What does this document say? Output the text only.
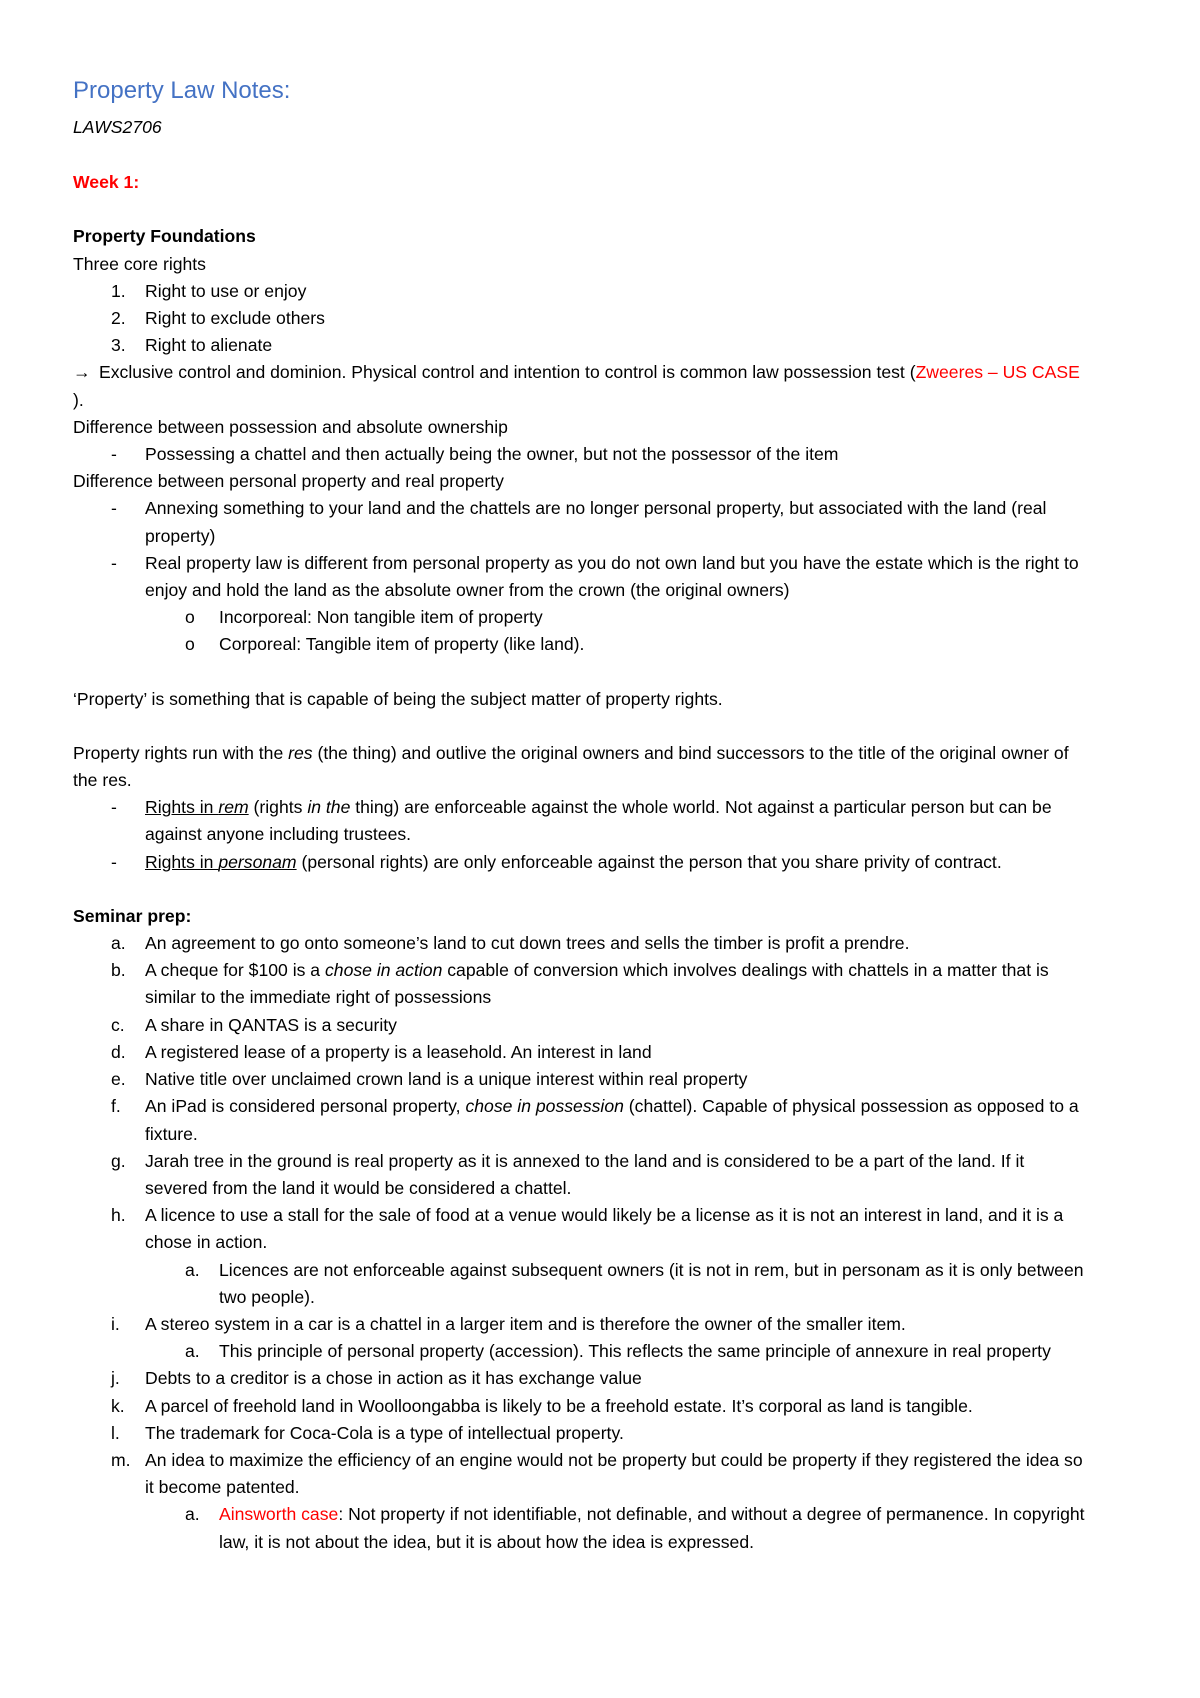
Property Law Notes:

LAWS2706

Week 1:

Property Foundations

Three core rights

1. Right to use or enjoy
2. Right to exclude others
3. Right to alienate

→ Exclusive control and dominion. Physical control and intention to control is common law possession test (Zweeres – US CASE ).

Difference between possession and absolute ownership

- Possessing a chattel and then actually being the owner, but not the possessor of the item

Difference between personal property and real property

- Annexing something to your land and the chattels are no longer personal property, but associated with the land (real property)
- Real property law is different from personal property as you do not own land but you have the estate which is the right to enjoy and hold the land as the absolute owner from the crown (the original owners)
o Incorporeal: Non tangible item of property
o Corporeal: Tangible item of property (like land).

‘Property’ is something that is capable of being the subject matter of property rights.

Property rights run with the res (the thing) and outlive the original owners and bind successors to the title of the original owner of the res.

- Rights in rem (rights in the thing) are enforceable against the whole world. Not against a particular person but can be against anyone including trustees.
- Rights in personam (personal rights) are only enforceable against the person that you share privity of contract.

Seminar prep:

a. An agreement to go onto someone’s land to cut down trees and sells the timber is profit a prendre.
b. A cheque for $100 is a chose in action capable of conversion which involves dealings with chattels in a matter that is similar to the immediate right of possessions
c. A share in QANTAS is a security
d. A registered lease of a property is a leasehold. An interest in land
e. Native title over unclaimed crown land is a unique interest within real property
f. An iPad is considered personal property, chose in possession (chattel). Capable of physical possession as opposed to a fixture.
g. Jarah tree in the ground is real property as it is annexed to the land and is considered to be a part of the land. If it severed from the land it would be considered a chattel.
h. A licence to use a stall for the sale of food at a venue would likely be a license as it is not an interest in land, and it is a chose in action.
a. Licences are not enforceable against subsequent owners (it is not in rem, but in personam as it is only between two people).
i. A stereo system in a car is a chattel in a larger item and is therefore the owner of the smaller item.
a. This principle of personal property (accession). This reflects the same principle of annexure in real property
j. Debts to a creditor is a chose in action as it has exchange value
k. A parcel of freehold land in Woolloongabba is likely to be a freehold estate. It’s corporal as land is tangible.
l. The trademark for Coca-Cola is a type of intellectual property.
m. An idea to maximize the efficiency of an engine would not be property but could be property if they registered the idea so it become patented.
a. Ainsworth case: Not property if not identifiable, not definable, and without a degree of permanence. In copyright law, it is not about the idea, but it is about how the idea is expressed.
